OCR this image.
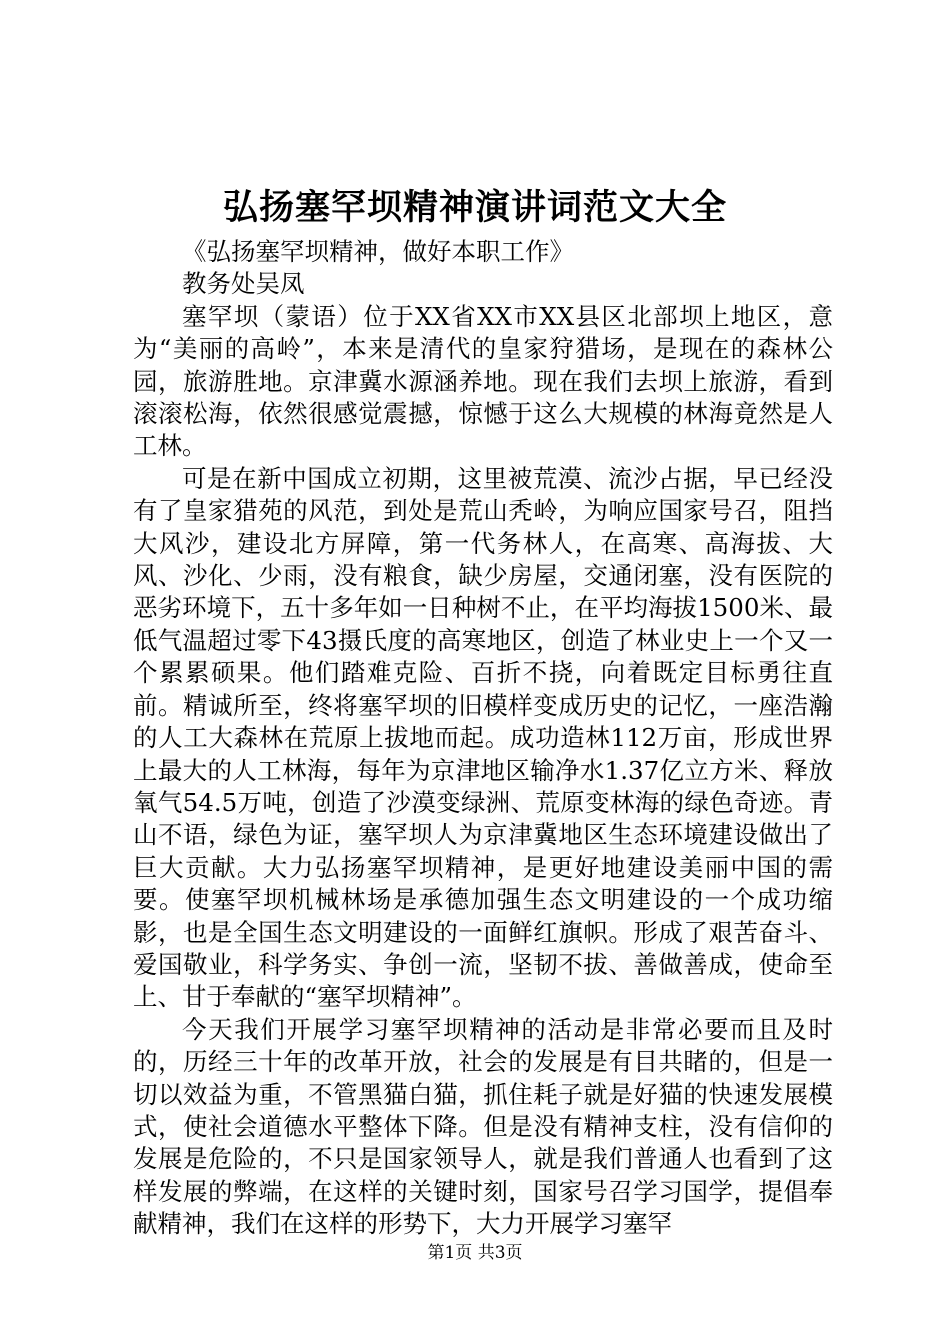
弘扬塞罕坝精神演讲词范文大全

《弘扬塞罕坝精神，做好本职工作》

教务处吴凤

塞罕坝（蒙语）位于XX省XX市XX县区北部坝上地区，意为“美丽的高岭”，本来是清代的皇家狩猎场，是现在的森林公园，旅游胜地。京津冀水源涵养地。现在我们去坝上旅游，看到滚滚松海，依然很感觉震撼，惊憾于这么大规模的林海竟然是人工林。

可是在新中国成立初期，这里被荒漠、流沙占据，早已经没有了皇家猎苑的风范，到处是荒山秃岭，为响应国家号召，阻挡大风沙，建设北方屏障，第一代务林人，在高寒、高海拔、大风、沙化、少雨，没有粮食，缺少房屋，交通闭塞，没有医院的恶劣环境下，五十多年如一日种树不止，在平均海拔1500米、最低气温超过零下43摄氏度的高寒地区，创造了林业史上一个又一个累累硕果。他们踏难克险、百折不挠，向着既定目标勇往直前。精诚所至，终将塞罕坝的旧模样变成历史的记忆，一座浩瀚的人工大森林在荒原上拔地而起。成功造林112万亩，形成世界上最大的人工林海，每年为京津地区输净水1.37亿立方米、释放氧气54.5万吨，创造了沙漠变绿洲、荒原变林海的绿色奇迹。青山不语，绿色为证，塞罕坝人为京津冀地区生态环境建设做出了巨大贡献。大力弘扬塞罕坝精神，是更好地建设美丽中国的需要。使塞罕坝机械林场是承德加强生态文明建设的一个成功缩影，也是全国生态文明建设的一面鲜红旗帜。形成了艰苦奋斗、爱国敬业，科学务实、争创一流，坚韧不拔、善做善成，使命至上、甘于奉献的“塞罕坝精神”。

今天我们开展学习塞罕坝精神的活动是非常必要而且及时的，历经三十年的改革开放，社会的发展是有目共睹的，但是一切以效益为重，不管黑猫白猫，抓住耗子就是好猫的快速发展模式，使社会道德水平整体下降。但是没有精神支柱，没有信仰的发展是危险的，不只是国家领导人，就是我们普通人也看到了这样发展的弊端，在这样的关键时刻，国家号召学习国学，提倡奉献精神，我们在这样的形势下，大力开展学习塞罕

第1页 共3页
